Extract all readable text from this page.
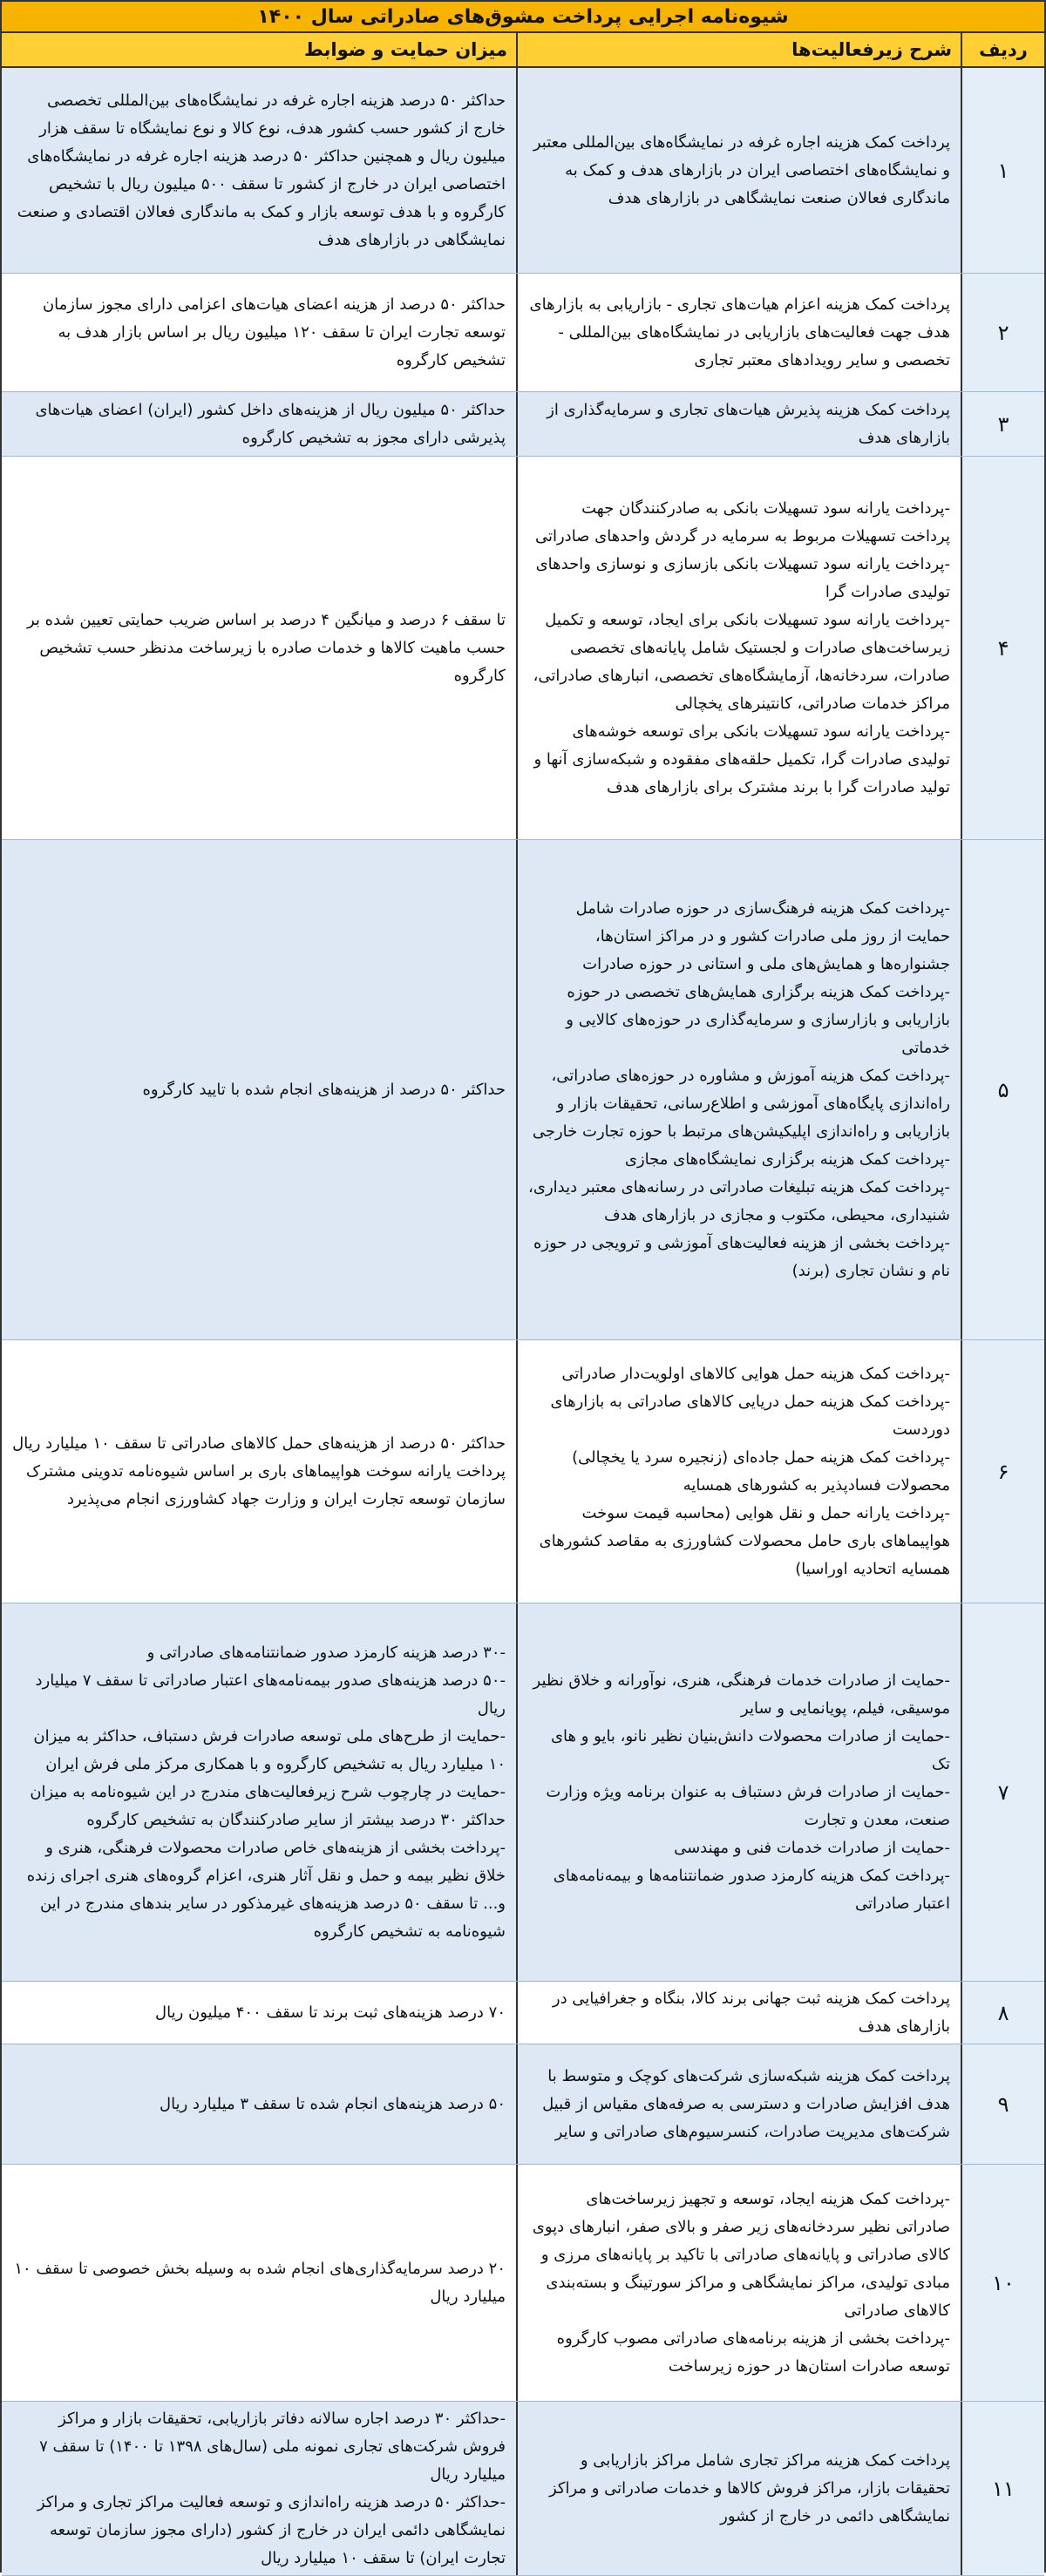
شیوه‌نامه اجرایی پرداخت مشوق‌های صادراتی سال ۱۴۰۰
ردیف
شرح زیرفعالیت‌ها
میزان حمایت و ضوابط
۱
پرداخت کمک هزینه اجاره غرفه در نمایشگاه‌های بین‌المللی معتبر و نمایشگاه‌های اختصاصی ایران در بازارهای هدف و کمک به ماندگاری فعالان صنعت نمایشگاهی در بازارهای هدف
حداکثر ۵۰ درصد هزینه اجاره غرفه در نمایشگاه‌های بین‌المللی تخصصی خارج از کشور حسب کشور هدف، نوع کالا و نوع نمایشگاه تا سقف هزار میلیون ریال و همچنین حداکثر ۵۰ درصد هزینه اجاره غرفه در نمایشگاه‌های اختصاصی ایران در خارج از کشور تا سقف ۵۰۰ میلیون ریال با تشخیص کارگروه و با هدف توسعه بازار و کمک به ماندگاری فعالان اقتصادی و صنعت نمایشگاهی در بازارهای هدف
۲
پرداخت کمک هزینه اعزام هیات‌های تجاری - بازاریابی به بازارهای هدف جهت فعالیت‌های بازاریابی در نمایشگاه‌های بین‌المللی - تخصصی و سایر رویدادهای معتبر تجاری
حداکثر ۵۰ درصد از هزینه اعضای هیات‌های اعزامی دارای مجوز سازمان توسعه تجارت ایران تا سقف ۱۲۰ میلیون ریال بر اساس بازار هدف به تشخیص کارگروه
۳
پرداخت کمک هزینه پذیرش هیات‌های تجاری و سرمایه‌گذاری از بازارهای هدف
حداکثر ۵۰ میلیون ریال از هزینه‌های داخل کشور (ایران) اعضای هیات‌های پذیرشی دارای مجوز به تشخیص کارگروه
۴
-پرداخت یارانه سود تسهیلات بانکی به صادرکنندگان جهت پرداخت تسهیلات مربوط به سرمایه در گردش واحدهای صادراتی
-پرداخت یارانه سود تسهیلات بانکی بازسازی و نوسازی واحدهای تولیدی صادرات گرا
-پرداخت یارانه سود تسهیلات بانکی برای ایجاد، توسعه و تکمیل زیرساخت‌های صادرات و لجستیک شامل پایانه‌های تخصصی صادرات، سردخانه‌ها، آزمایشگاه‌های تخصصی، انبارهای صادراتی، مراکز خدمات صادراتی، کانتینرهای یخچالی
-پرداخت یارانه سود تسهیلات بانکی برای توسعه خوشه‌های تولیدی صادرات گرا، تکمیل حلقه‌های مفقوده و شبکه‌سازی آنها و تولید صادرات گرا با برند مشترک برای بازارهای هدف
تا سقف ۶ درصد و میانگین ۴ درصد بر اساس ضریب حمایتی تعیین شده بر حسب ماهیت کالاها و خدمات صادره با زیرساخت مدنظر حسب تشخیص کارگروه
۵
-پرداخت کمک هزینه فرهنگ‌سازی در حوزه صادرات شامل حمایت از روز ملی صادرات کشور و در مراکز استان‌ها، جشنواره‌ها و همایش‌های ملی و استانی در حوزه صادرات
-پرداخت کمک هزینه برگزاری همایش‌های تخصصی در حوزه بازاریابی و بازارسازی و سرمایه‌گذاری در حوزه‌های کالایی و خدماتی
-پرداخت کمک هزینه آموزش و مشاوره در حوزه‌های صادراتی، راه‌اندازی پایگاه‌های آموزشی و اطلاع‌رسانی، تحقیقات بازار و بازاریابی و راه‌اندازی اپلیکیشن‌های مرتبط با حوزه تجارت خارجی
-پرداخت کمک هزینه برگزاری نمایشگاه‌های مجازی
-پرداخت کمک هزینه تبلیغات صادراتی در رسانه‌های معتبر دیداری، شنیداری، محیطی، مکتوب و مجازی در بازارهای هدف
-پرداخت بخشی از هزینه فعالیت‌های آموزشی و ترویجی در حوزه نام و نشان تجاری (برند)
حداکثر ۵۰ درصد از هزینه‌های انجام شده با تایید کارگروه
۶
-پرداخت کمک هزینه حمل هوایی کالاهای اولویت‌دار صادراتی
-پرداخت کمک هزینه حمل دریایی کالاهای صادراتی به بازارهای دوردست
-پرداخت کمک هزینه حمل جاده‌ای (زنجیره سرد یا یخچالی) محصولات فسادپذیر به کشورهای همسایه
-پرداخت یارانه حمل و نقل هوایی (محاسبه قیمت سوخت هواپیماهای باری حامل محصولات کشاورزی به مقاصد کشورهای همسایه اتحادیه اوراسیا)
حداکثر ۵۰ درصد از هزینه‌های حمل کالاهای صادراتی تا سقف ۱۰ میلیارد ریال
پرداخت یارانه سوخت هواپیماهای باری بر اساس شیوه‌نامه تدوینی مشترک سازمان توسعه تجارت ایران و وزارت جهاد کشاورزی انجام می‌پذیرد
۷
-حمایت از صادرات خدمات فرهنگی، هنری، نوآورانه و خلاق نظیر موسیقی، فیلم، پویانمایی و سایر
-حمایت از صادرات محصولات دانش‌بنیان نظیر نانو، بایو و های تک
-حمایت از صادرات فرش دستباف به عنوان برنامه ویژه وزارت صنعت، معدن و تجارت
-حمایت از صادرات خدمات فنی و مهندسی
-پرداخت کمک هزینه کارمزد صدور ضمانتنامه‌ها و بیمه‌نامه‌های اعتبار صادراتی
-۳۰ درصد هزینه کارمزد صدور ضمانتنامه‌های صادراتی و
-۵۰ درصد هزینه‌های صدور بیمه‌نامه‌های اعتبار صادراتی تا سقف ۷ میلیارد ریال
-حمایت از طرح‌های ملی توسعه صادرات فرش دستباف، حداکثر به میزان ۱۰ میلیارد ریال به تشخیص کارگروه و با همکاری مرکز ملی فرش ایران
-حمایت در چارچوب شرح زیرفعالیت‌های مندرج در این شیوه‌نامه به میزان حداکثر ۳۰ درصد بیشتر از سایر صادرکنندگان به تشخیص کارگروه
-پرداخت بخشی از هزینه‌های خاص صادرات محصولات فرهنگی، هنری و خلاق نظیر بیمه و حمل و نقل آثار هنری، اعزام گروه‌های هنری اجرای زنده و... تا سقف ۵۰ درصد هزینه‌های غیرمذکور در سایر بندهای مندرج در این شیوه‌نامه به تشخیص کارگروه
۸
پرداخت کمک هزینه ثبت جهانی برند کالا، بنگاه و جغرافیایی در بازارهای هدف
۷۰ درصد هزینه‌های ثبت برند تا سقف ۴۰۰ میلیون ریال
۹
پرداخت کمک هزینه شبکه‌سازی شرکت‌های کوچک و متوسط با هدف افزایش صادرات و دسترسی به صرفه‌های مقیاس از قبیل شرکت‌های مدیریت صادرات، کنسرسیوم‌های صادراتی و سایر
۵۰ درصد هزینه‌های انجام شده تا سقف ۳ میلیارد ریال
۱۰
-پرداخت کمک هزینه ایجاد، توسعه و تجهیز زیرساخت‌های صادراتی نظیر سردخانه‌های زیر صفر و بالای صفر، انبارهای دپوی کالای صادراتی و پایانه‌های صادراتی با تاکید بر پایانه‌های مرزی و مبادی تولیدی، مراکز نمایشگاهی و مراکز سورتینگ و بسته‌بندی کالاهای صادراتی
-پرداخت بخشی از هزینه برنامه‌های صادراتی مصوب کارگروه توسعه صادرات استان‌ها در حوزه زیرساخت
۲۰ درصد سرمایه‌گذاری‌های انجام شده به وسیله بخش خصوصی تا سقف ۱۰ میلیارد ریال
۱۱
پرداخت کمک هزینه مراکز تجاری شامل مراکز بازاریابی و تحقیقات بازار، مراکز فروش کالاها و خدمات صادراتی و مراکز نمایشگاهی دائمی در خارج از کشور
-حداکثر ۳۰ درصد اجاره سالانه دفاتر بازاریابی، تحقیقات بازار و مراکز فروش شرکت‌های تجاری نمونه ملی (سال‌های ۱۳۹۸ تا ۱۴۰۰) تا سقف ۷ میلیارد ریال
-حداکثر ۵۰ درصد هزینه راه‌اندازی و توسعه فعالیت مراکز تجاری و مراکز نمایشگاهی دائمی ایران در خارج از کشور (دارای مجوز سازمان توسعه تجارت ایران) تا سقف ۱۰ میلیارد ریال
